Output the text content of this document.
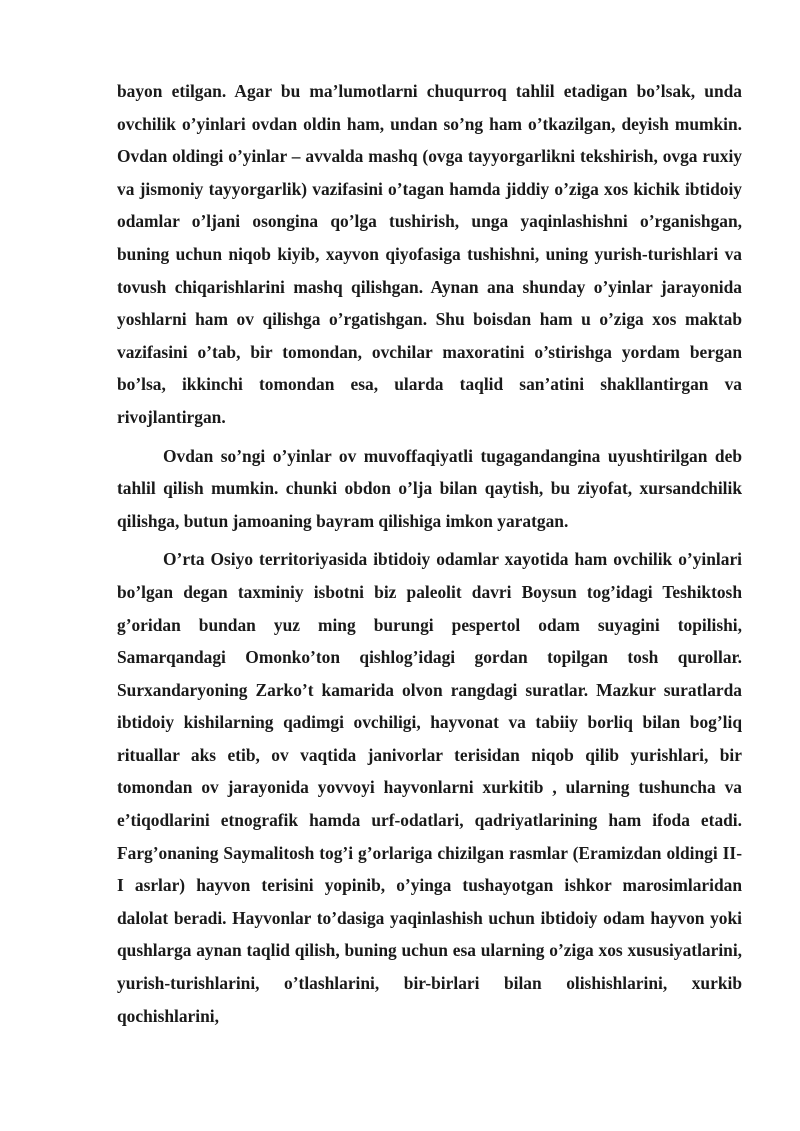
bayon etilgan. Agar bu ma’lumotlarni chuqurroq tahlil etadigan bo’lsak, unda ovchilik o’yinlari ovdan oldin ham, undan so’ng ham o’tkazilgan, deyish mumkin. Ovdan oldingi o’yinlar – avvalda mashq (ovga tayyorgarlikni tekshirish, ovga ruxiy va jismoniy tayyorgarlik) vazifasini o’tagan hamda jiddiy o’ziga xos kichik ibtidoiy odamlar o’ljani osongina qo’lga tushirish, unga yaqinlashishni o’rganishgan, buning uchun niqob kiyib, xayvon qiyofasiga tushishni, uning yurish-turishlari va tovush chiqarishlarini mashq qilishgan. Aynan ana shunday o’yinlar jarayonida yoshlarni ham ov qilishga o’rgatishgan. Shu boisdan ham u o’ziga xos maktab vazifasini o’tab, bir tomondan, ovchilar maxoratini o’stirishga yordam bergan bo’lsa, ikkinchi tomondan esa, ularda taqlid san’atini shakllantirgan va rivojlantirgan.

Ovdan so’ngi o’yinlar ov muvoffaqiyatli tugagandangina uyushtirilgan deb tahlil qilish mumkin. chunki obdon o’lja bilan qaytish, bu ziyofat, xursandchilik qilishga, butun jamoaning bayram qilishiga imkon yaratgan.

O’rta Osiyo territoriyasida ibtidoiy odamlar xayotida ham ovchilik o’yinlari bo’lgan degan taxminiy isbotni biz paleolit davri Boysun tog’idagi Teshiktosh g’oridan bundan yuz ming burungi pespertol odam suyagini topilishi, Samarqandagi Omonko’ton qishlog’idagi gordan topilgan tosh qurollar. Surxandaryoning Zarko’t kamarida olvon rangdagi suratlar. Mazkur suratlarda ibtidoiy kishilarning qadimgi ovchiligi, hayvonat va tabiiy borliq bilan bog’liq rituallar aks etib, ov vaqtida janivorlar terisidan niqob qilib yurishlari, bir tomondan ov jarayonida yovvoyi hayvonlarni xurkitib , ularning tushuncha va e’tiqodlarini etnografik hamda urf-odatlari, qadriyatlarining ham ifoda etadi. Farg’onaning Saymalitosh tog’i g’orlariga chizilgan rasmlar (Eramizdan oldingi II-I asrlar) hayvon terisini yopinib, o’yinga tushayotgan ishkor marosimlaridan dalolat beradi. Hayvonlar to’dasiga yaqinlashish uchun ibtidoiy odam hayvon yoki qushlarga aynan taqlid qilish, buning uchun esa ularning o’ziga xos xususiyatlarini, yurish-turishlarini, o’tlashlarini, bir-birlari bilan olishishlarini, xurkib qochishlarini,
